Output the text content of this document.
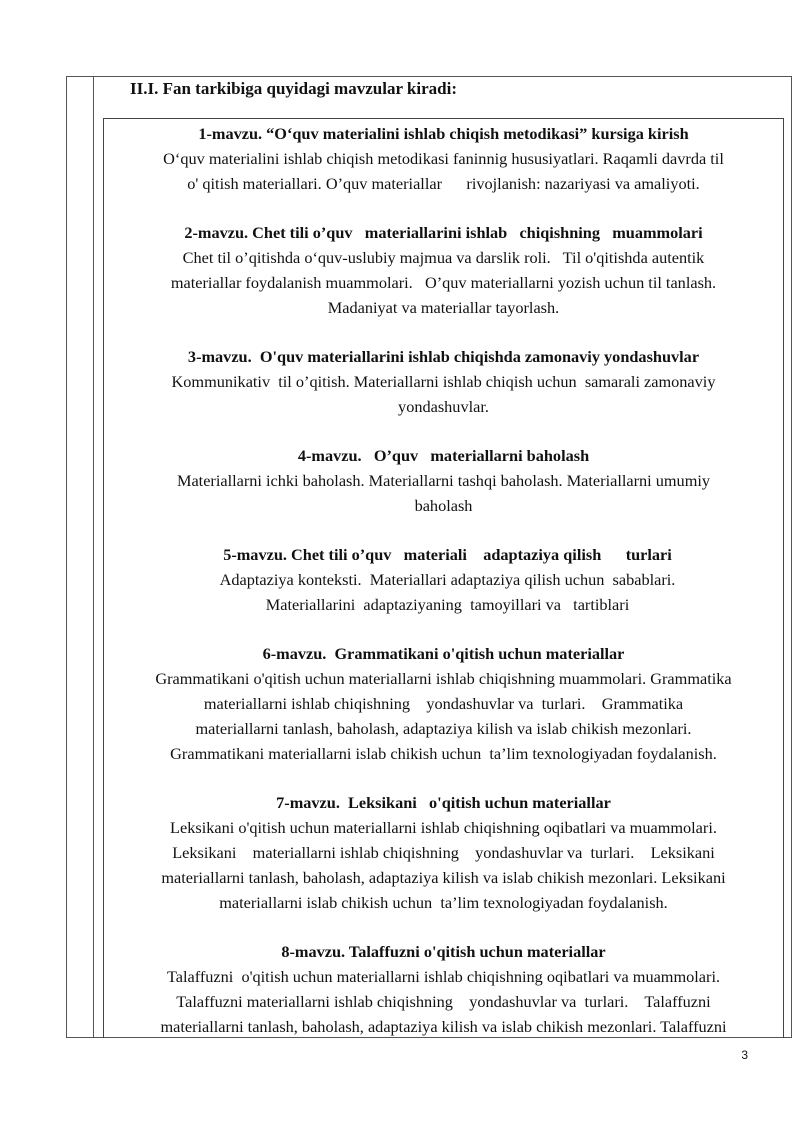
II.I. Fan tarkibiga quyidagi mavzular kiradi:
1-mavzu. “O‘quv materialini ishlab chiqish metodikasi” kursiga kirish
O‘quv materialini ishlab chiqish metodikasi faninnig hususiyatlari. Raqamli davrda til
o' qitish materiallari. O’quv materiallar      rivojlanish: nazariyasi va amaliyoti.
2-mavzu. Chet tili o’quv   materiallarini ishlab   chiqishning   muammolari
Chet til o’qitishda o‘quv-uslubiy majmua va darslik roli.   Til o'qitishda autentik
materiallar foydalanish muammolari.   O’quv materiallarni yozish uchun til tanlash.
Madaniyat va materiallar tayorlash.
3-mavzu.  O'quv materiallarini ishlab chiqishda zamonaviy yondashuvlar
Kommunikativ  til o’qitish. Materiallarni ishlab chiqish uchun  samarali zamonaviy
yondashuvlar.
4-mavzu.   O’quv   materiallarni baholash
Materiallarni ichki baholash. Materiallarni tashqi baholash. Materiallarni umumiy
baholash
5-mavzu. Chet tili o’quv   materiali    adaptaziya qilish      turlari
Adaptaziya konteksti.  Materiallari adaptaziya qilish uchun  sabablari.
Materiallarini  adaptaziyaning  tamoyillari va   tartiblari
6-mavzu.  Grammatikani o'qitish uchun materiallar
Grammatikani o'qitish uchun materiallarni ishlab chiqishning muammolari. Grammatika
materiallarni ishlab chiqishning    yondashuvlar va  turlari.    Grammatika
materiallarni tanlash, baholash, adaptaziya kilish va islab chikish mezonlari.
Grammatikani materiallarni islab chikish uchun  ta’lim texnologiyadan foydalanish.
7-mavzu.  Leksikani   o'qitish uchun materiallar
Leksikani o'qitish uchun materiallarni ishlab chiqishning oqibatlari va muammolari.
Leksikani    materiallarni ishlab chiqishning    yondashuvlar va  turlari.    Leksikani
materiallarni tanlash, baholash, adaptaziya kilish va islab chikish mezonlari. Leksikani
materiallarni islab chikish uchun  ta’lim texnologiyadan foydalanish.
8-mavzu. Talaffuzni o'qitish uchun materiallar
Talaffuzni  o'qitish uchun materiallarni ishlab chiqishning oqibatlari va muammolari.
Talaffuzni materiallarni ishlab chiqishning    yondashuvlar va  turlari.    Talaffuzni
materiallarni tanlash, baholash, adaptaziya kilish va islab chikish mezonlari. Talaffuzni
3
